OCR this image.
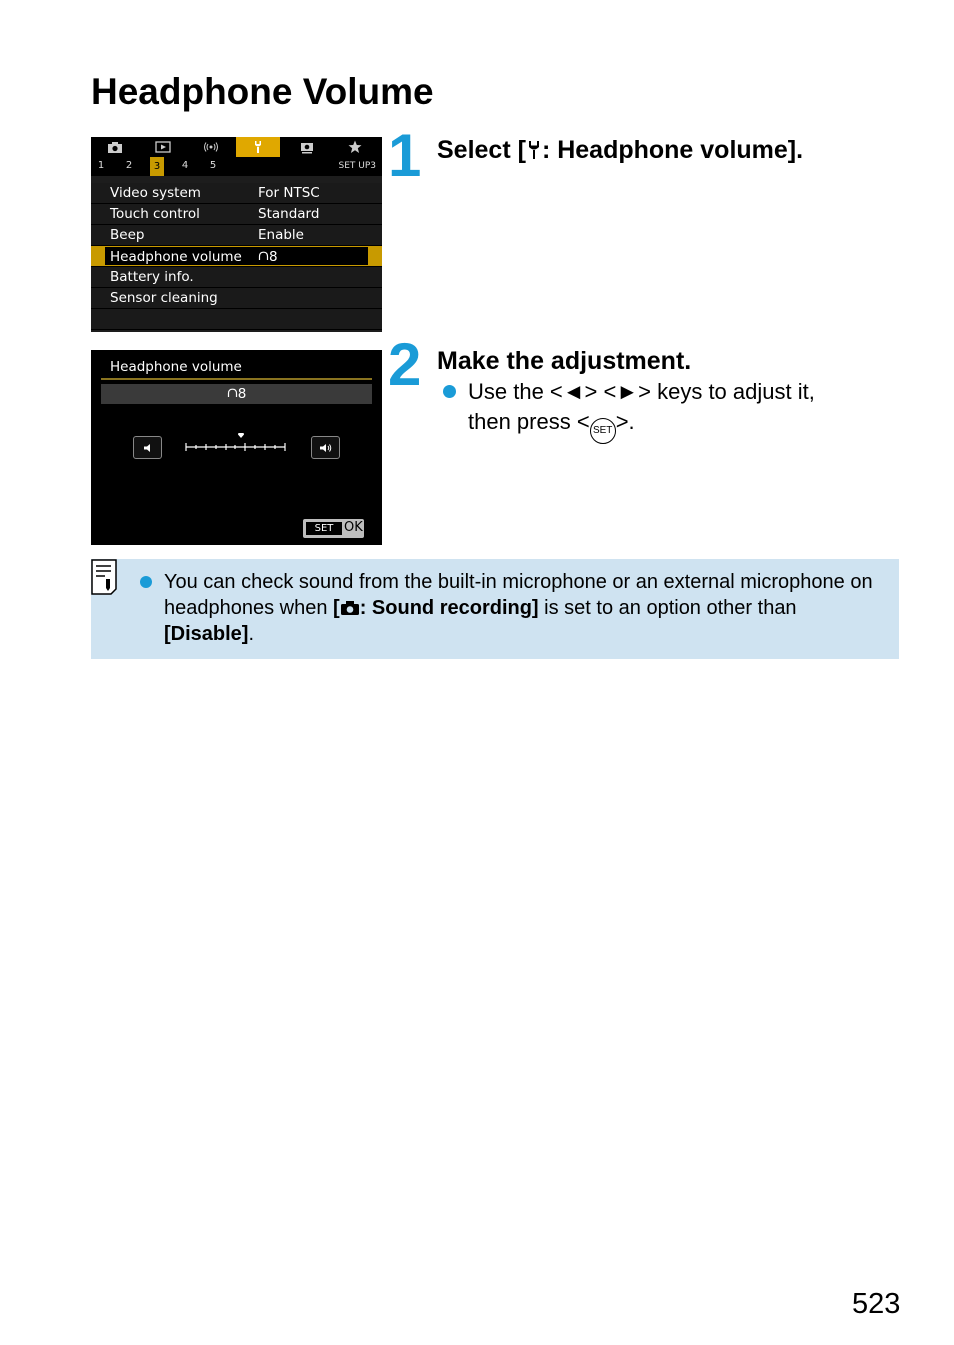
Headphone Volume
1	2	3	4	5	SET UP3
Video system	For NTSC
Touch control	Standard
Beep	Enable
Headphone volume	8
Battery info.
Sensor cleaning
Headphone volume
8
SET OK
1 Select [ : Headphone volume].

2 Make the adjustment.

Use the <◄> <►> keys to adjust it,
then press < SET >.
You can check sound from the built-in microphone or an external microphone on headphones when [ : Sound recording] is set to an option other than [Disable].
523
